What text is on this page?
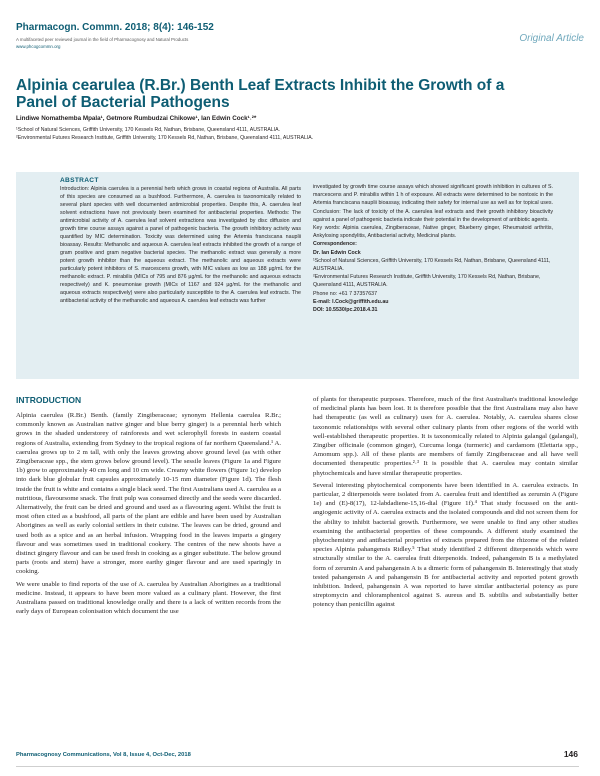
Pharmacogn. Commn. 2018; 8(4): 146-152
A multifaceted peer reviewed journal in the field of Pharmacognosy and Natural Products
www.phcogcommn.org
Original Article
Alpinia cearulea (R.Br.) Benth Leaf Extracts Inhibit the Growth of a Panel of Bacterial Pathogens
Lindiwe Nomathemba Mpala¹, Getmore Rumbudzai Chikowe¹, Ian Edwin Cock¹˒²*
¹School of Natural Sciences, Griffith University, 170 Kessels Rd, Nathan, Brisbane, Queensland 4111, AUSTRALIA.
²Environmental Futures Research Institute, Griffith University, 170 Kessels Rd, Nathan, Brisbane, Queensland 4111, AUSTRALIA.
ABSTRACT

Introduction: Alpinia caerulea is a perennial herb which grows in coastal regions of Australia. All parts of this species are consumed as a bushfood. Furthermore, A. caerulea is taxonomically related to several plant species with well documented antimicrobial properties. Despite this, A. caerulea leaf solvent extractions have not previously been examined for antibacterial properties. Methods: The antimicrobial activity of A. caerulea leaf solvent extractions was investigated by disc diffusion and growth time course assays against a panel of pathogenic bacteria. The growth inhibitory activity was quantified by MIC determination. Toxicity was determined using the Artemia franciscana nauplii bioassay. Results: Methanolic and aqueous A. caerulea leaf extracts inhibited the growth of a range of gram positive and gram negative bacterial species. The methanolic extract was generally a more potent growth inhibitor than the aqueous extract. The methanolic and aqueous extracts were particularly potent inhibitors of S. marcescens growth, with MIC values as low as 188 µg/mL for the methanolic extract. P. mirabilis (MICs of 795 and 876 µg/mL for the methanolic and aqueous extracts respectively) and K. pneumoniae growth (MICs of 1167 and 924 µg/mL for the methanolic and aqueous extracts respectively) were also particularly susceptible to the A. caerulea leaf extracts. The antibacterial activity of the methanolic and aqueous A. caerulea leaf extracts was further

investigated by growth time course assays which showed significant growth inhibition in cultures of S. marcescens and P. mirabilis within 1 h of exposure. All extracts were determined to be nontoxic in the Artemia franciscana nauplii bioassay, indicating their safety for internal use as well as for topical uses. Conclusion: The lack of toxicity of the A. caerulea leaf extracts and their growth inhibitory bioactivity against a panel of pathogenic bacteria indicate their potential in the development of antibiotic agents.

Key words: Alpinia caerulea, Zingiberaceae, Native ginger, Blueberry ginger, Rheumatoid arthritis, Ankylosing spondylitis, Antibacterial activity, Medicinal plants.

Correspondence:
Dr. Ian Edwin Cock
¹School of Natural Sciences, Griffith University, 170 Kessels Rd, Nathan, Brisbane, Queensland 4111, AUSTRALIA.
²Environmental Futures Research Institute, Griffith University, 170 Kessels Rd, Nathan, Brisbane, Queensland 4111, AUSTRALIA.
Phone no: +61 7 37357637
E-mail: I.Cock@griffith.edu.au
DOI: 10.5530/pc.2018.4.31
INTRODUCTION

Alpinia caerulea (R.Br.) Benth. (family Zingiberaceae; synonym Hellenia caerulea R.Br.; commonly known as Australian native ginger and blue berry ginger) is a perennial herb which grows in the shaded understorey of rainforests and wet sclerophyll forests in eastern coastal regions of Australia, extending from Sydney to the tropical regions of far northern Queensland.¹ A. caerulea grows up to 2 m tall, with only the leaves growing above ground level (as with other Zingiberaceae spp., the stem grows below ground level). The sessile leaves (Figure 1a and Figure 1b) grow to approximately 40 cm long and 10 cm wide. Creamy white flowers (Figure 1c) develop into dark blue globular fruit capsules approximately 10-15 mm diameter (Figure 1d). The flesh inside the fruit is white and contains a single black seed. The first Australians used A. caerulea as a nutritious, flavoursome snack. The fruit pulp was consumed directly and the seeds were discarded. Alternatively, the fruit can be dried and ground and used as a flavouring agent. Whilst the fruit is most often cited as a bushfood, all parts of the plant are edible and have been used by Australian Aborigines as well as early colonial settlers in their cuisine. The leaves can be dried, ground and used both as a spice and as an herbal infusion. Wrapping food in the leaves imparts a gingery flavour and was sometimes used in traditional cookery. The centres of the new shoots have a distinct gingery flavour and can be used fresh in cooking as a ginger substitute. The below ground parts (roots and stem) have a stronger, more earthy ginger flavour and are used sparingly in cooking.

We were unable to find reports of the use of A. caerulea by Australian Aborigines as a traditional medicine. Instead, it appears to have been more valued as a culinary plant. However, the first Australians passed on traditional knowledge orally and there is a lack of written records from the early days of European colonisation which document the use

of plants for therapeutic purposes. Therefore, much of the first Australian's traditional knowledge of medicinal plants has been lost. It is therefore possible that the first Australians may also have had therapeutic (as well as culinary) uses for A. caerulea. Notably, A. caerulea shares close taxonomic relationships with several other culinary plants from other regions of the world with well-established therapeutic properties. It is taxonomically related to Alpinia galangal (galangal), Zingiber officinale (common ginger), Curcuma longa (turmeric) and cardamom (Elettaria spp., Amomum spp.). All of these plants are members of family Zingiberaceae and all have well documented therapeutic properties.²·³ It is possible that A. caerulea may contain similar phytochemicals and have similar therapeutic properties.

Several interesting phytochemical components have been identified in A. caerulea extracts. In particular, 2 diterpenoids were isolated from A. caerulea fruit and identified as zerumin A (Figure 1e) and (E)-8(17), 12-labdadiene-15,16-dial (Figure 1f).⁴ That study focussed on the anti-angiogenic activity of A. caerulea extracts and the isolated compounds and did not screen them for the ability to inhibit bacterial growth. Furthermore, we were unable to find any other studies examining the antibacterial properties of these compounds. A different study examined the phytochemistry and antibacterial properties of extracts prepared from the rhizome of the related species Alpinia pahangensis Ridley.⁵ That study identified 2 different diterpenoids which were structurally similar to the A. caerulea fruit diterpenoids. Indeed, pahangensin B is a methylated form of zerumin A and pahangensin A is a dimeric form of pahangensin B. Interestingly that study tested pahangensin A and pahangensin B for antibacterial activity and reported potent growth inhibition. Indeed, pahangensin A was reported to have similar antibacterial potency as pure streptomycin and chloramphenicol against S. aureus and B. subtilis and substantially better potency than penicillin against

Pharmacognosy Communications, Vol 8, Issue 4, Oct-Dec, 2018	146
